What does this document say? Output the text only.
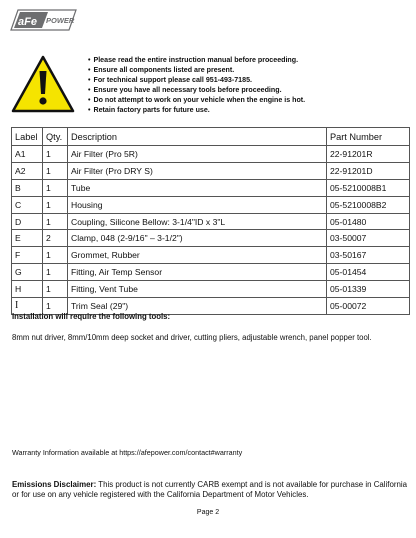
aFe POWER
• Please read the entire instruction manual before proceeding.
• Ensure all components listed are present.
• For technical support please call 951-493-7185.
• Ensure you have all necessary tools before proceeding.
• Do not attempt to work on your vehicle when the engine is hot.
• Retain factory parts for future use.
Label	Qty.	Description	Part Number
A1	1	Air Filter (Pro 5R)	22-91201R
A2	1	Air Filter (Pro DRY S)	22-91201D
B	1	Tube	05-5210008B1
C	1	Housing	05-5210008B2
D	1	Coupling, Silicone Bellow: 3-1/4"ID x 3"L	05-01480
E	2	Clamp, 048 (2-9/16" – 3-1/2")	03-50007
F	1	Grommet, Rubber	03-50167
G	1	Fitting, Air Temp Sensor	05-01454
H	1	Fitting, Vent Tube	05-01339
I	1	Trim Seal (29")	05-00072
Installation will require the following tools:
8mm nut driver, 8mm/10mm deep socket and driver, cutting pliers, adjustable wrench, panel popper tool.
Warranty Information available at https://afepower.com/contact#warranty
Emissions Disclaimer: This product is not currently CARB exempt and is not available for purchase in California or for use on any vehicle registered with the California Department of Motor Vehicles.
Page 2
